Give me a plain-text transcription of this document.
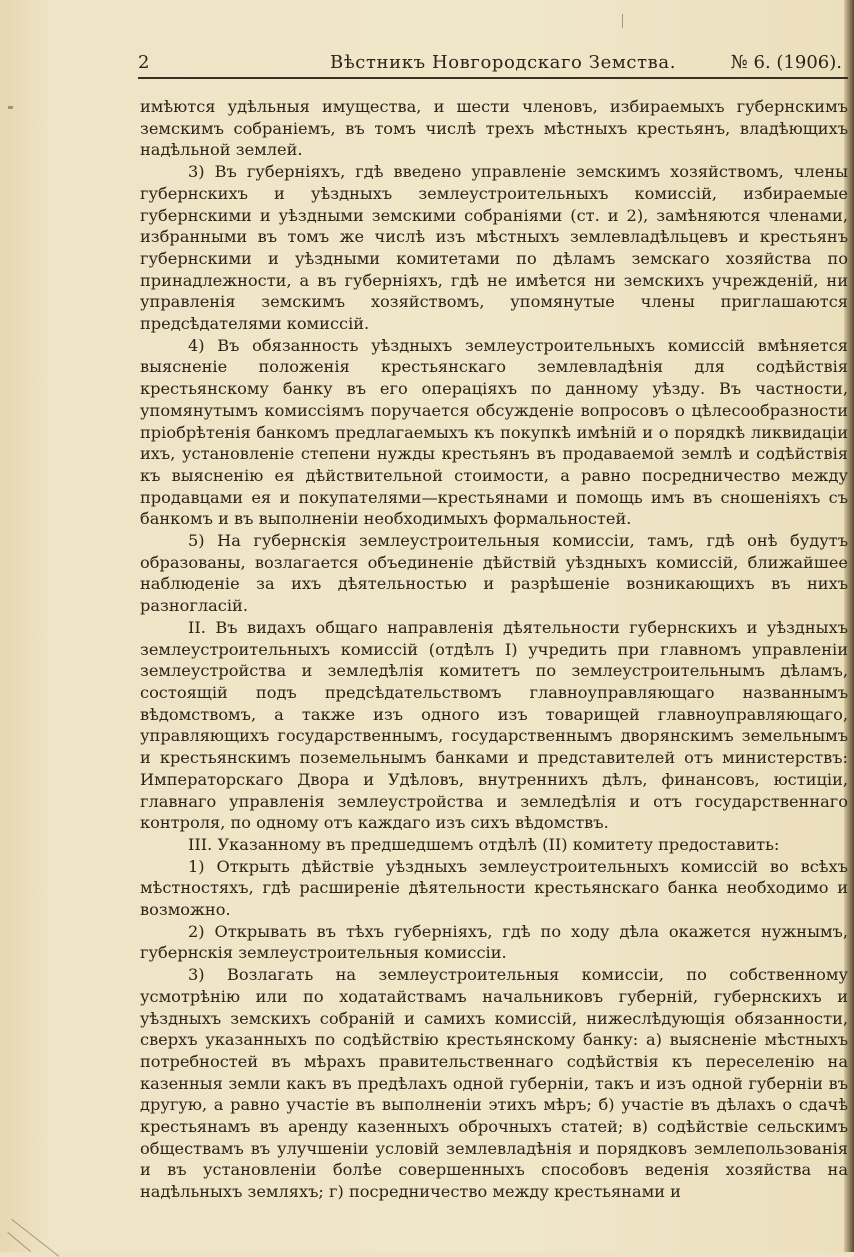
2	Вѣстникъ Новгородскаго Земства.	№ 6. (1906).

имѣются удѣльныя имущества, и шести членовъ, избираемыхъ губернскимъ земскимъ собраніемъ, въ томъ числѣ трехъ мѣстныхъ крестьянъ, владѣющихъ надѣльной землей.

3) Въ губерніяхъ, гдѣ введено управленіе земскимъ хозяйствомъ, члены губернскихъ и уѣздныхъ землеустроительныхъ комиссій, избираемые губернскими и уѣздными земскими собраніями (ст. и 2), замѣняются членами, избранными въ томъ же числѣ изъ мѣстныхъ землевладѣльцевъ и крестьянъ губернскими и уѣздными комитетами по дѣламъ земскаго хозяйства по принадлежности, а въ губерніяхъ, гдѣ не имѣется ни земскихъ учрежденій, ни управленія земскимъ хозяйствомъ, упомянутые члены приглашаются предсѣдателями комиссій.

4) Въ обязанность уѣздныхъ землеустроительныхъ комиссій вмѣняется выясненіе положенія крестьянскаго землевладѣнія для содѣйствія крестьянскому банку въ его операціяхъ по данному уѣзду. Въ частности, упомянутымъ комиссіямъ поручается обсужденіе вопросовъ о цѣлесообразности пріобрѣтенія банкомъ предлагаемыхъ къ покупкѣ имѣній и о порядкѣ ликвидаціи ихъ, установленіе степени нужды крестьянъ въ продаваемой землѣ и содѣйствія къ выясненію ея дѣйствительной стоимости, а равно посредничество между продавцами ея и покупателями—крестьянами и помощь имъ въ сношеніяхъ съ банкомъ и въ выполненіи необходимыхъ формальностей.

5) На губернскія землеустроительныя комиссіи, тамъ, гдѣ онѣ будутъ образованы, возлагается объединеніе дѣйствій уѣздныхъ комиссій, ближайшее наблюденіе за ихъ дѣятельностью и разрѣшеніе возникающихъ въ нихъ разногласій.

II. Въ видахъ общаго направленія дѣятельности губернскихъ и уѣздныхъ землеустроительныхъ комиссій (отдѣлъ I) учредить при главномъ управленіи землеустройства и земледѣлія комитетъ по землеустроительнымъ дѣламъ, состоящій подъ предсѣдательствомъ главноуправляющаго названнымъ вѣдомствомъ, а также изъ одного изъ товарищей главноуправляющаго, управляющихъ государственнымъ, государственнымъ дворянскимъ земельнымъ и крестьянскимъ поземельнымъ банками и представителей отъ министерствъ: Императорскаго Двора и Удѣловъ, внутреннихъ дѣлъ, финансовъ, юстиціи, главнаго управленія землеустройства и земледѣлія и отъ государственнаго контроля, по одному отъ каждаго изъ сихъ вѣдомствъ.

III. Указанному въ предшедшемъ отдѣлѣ (II) комитету предоставить:

1) Открыть дѣйствіе уѣздныхъ землеустроительныхъ комиссій во всѣхъ мѣстностяхъ, гдѣ расширеніе дѣятельности крестьянскаго банка необходимо и возможно.

2) Открывать въ тѣхъ губерніяхъ, гдѣ по ходу дѣла окажется нужнымъ, губернскія землеустроительныя комиссіи.

3) Возлагать на землеустроительныя комиссіи, по собственному усмотрѣнію или по ходатайствамъ начальниковъ губерній, губернскихъ и уѣздныхъ земскихъ собраній и самихъ комиссій, нижеслѣдующія обязанности, сверхъ указанныхъ по содѣйствію крестьянскому банку: а) выясненіе мѣстныхъ потребностей въ мѣрахъ правительственнаго содѣйствія къ переселенію на казенныя земли какъ въ предѣлахъ одной губерніи, такъ и изъ одной губерніи въ другую, а равно участіе въ выполненіи этихъ мѣръ; б) участіе въ дѣлахъ о сдачѣ крестьянамъ въ аренду казенныхъ оброчныхъ статей; в) содѣйствіе сельскимъ обществамъ въ улучшеніи условій землевладѣнія и порядковъ землепользованія и въ установленіи болѣе совершенныхъ способовъ веденія хозяйства на надѣльныхъ земляхъ; г) посредничество между крестьянами и
